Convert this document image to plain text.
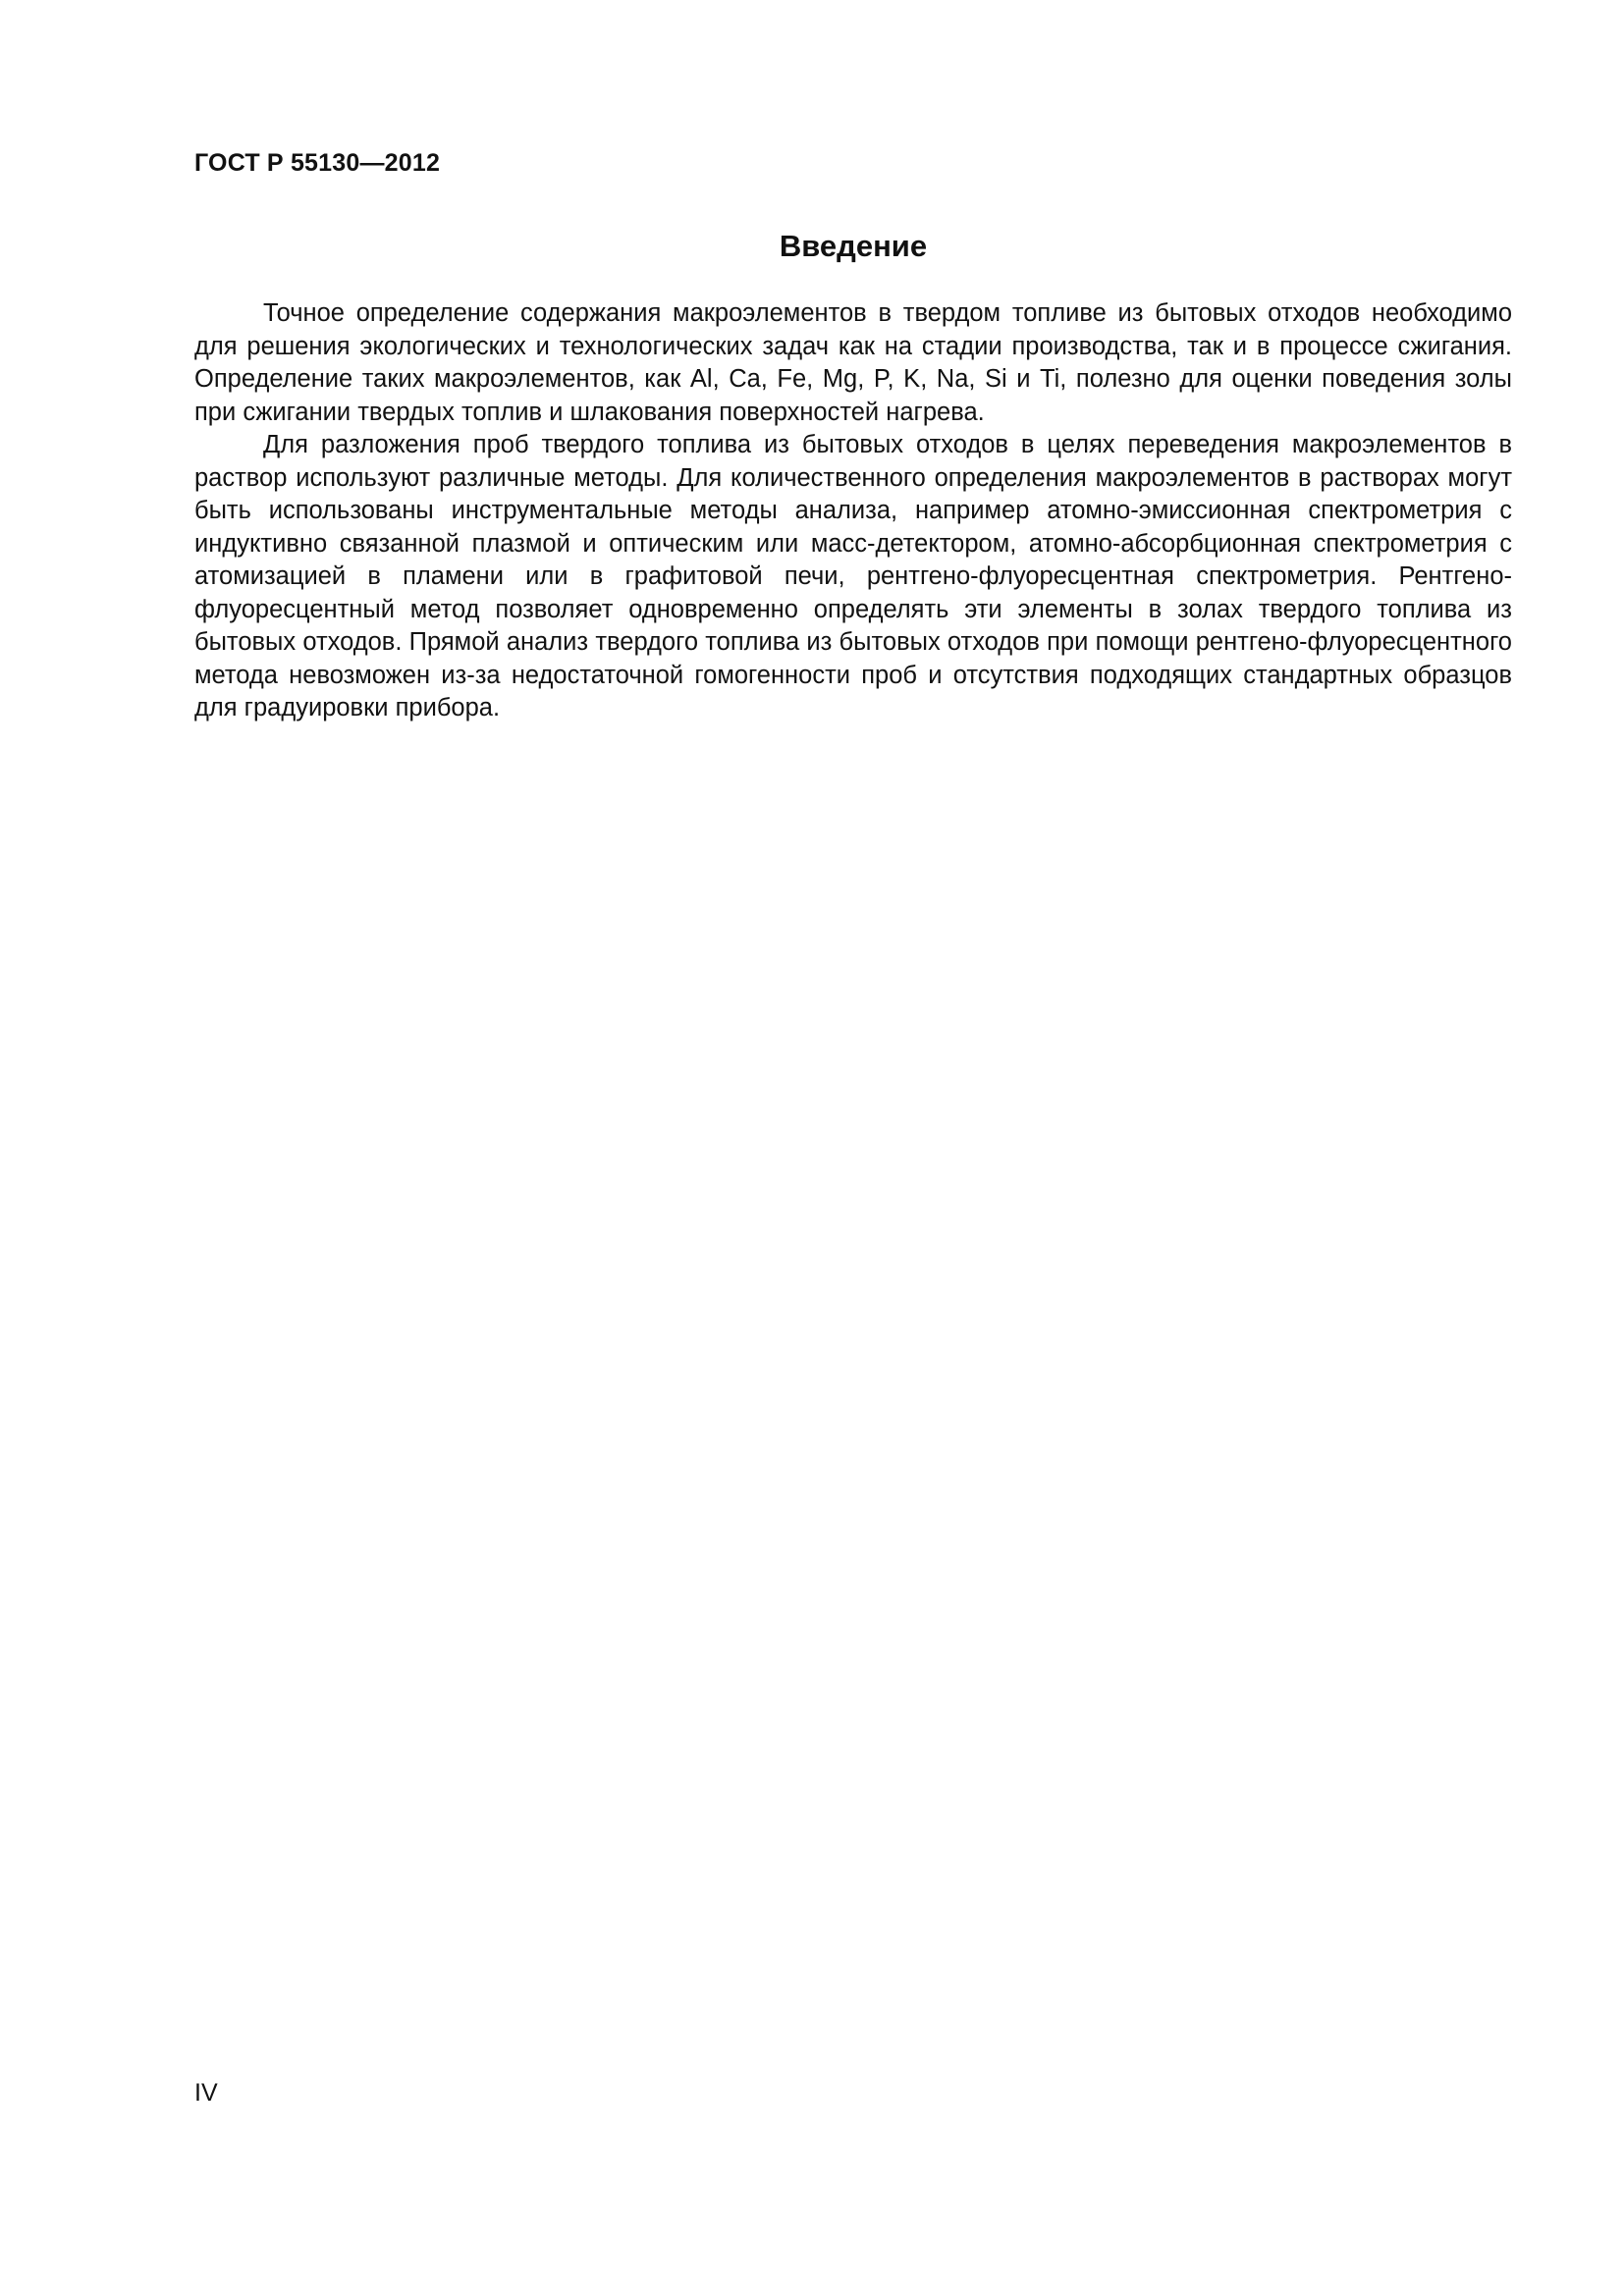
ГОСТ Р 55130—2012
Введение

Точное определение содержания макроэлементов в твердом топливе из бытовых отходов необходимо для решения экологических и технологических задач как на стадии производства, так и в процессе сжигания. Определение таких макроэлементов, как Al, Ca, Fe, Mg, P, K, Na, Si и Ti, полезно для оценки поведения золы при сжигании твердых топлив и шлакования поверхностей нагрева.

Для разложения проб твердого топлива из бытовых отходов в целях переведения макроэлементов в раствор используют различные методы. Для количественного определения макроэлементов в растворах могут быть использованы инструментальные методы анализа, например атомно-эмиссионная спектрометрия с индуктивно связанной плазмой и оптическим или масс-детектором, атомно-абсорбционная спектрометрия с атомизацией в пламени или в графитовой печи, рентгено-флуоресцентная спектрометрия. Рентгено-флуоресцентный метод позволяет одновременно определять эти элементы в золах твердого топлива из бытовых отходов. Прямой анализ твердого топлива из бытовых отходов при помощи рентгено-флуоресцентного метода невозможен из-за недостаточной гомогенности проб и отсутствия подходящих стандартных образцов для градуировки прибора.

IV
